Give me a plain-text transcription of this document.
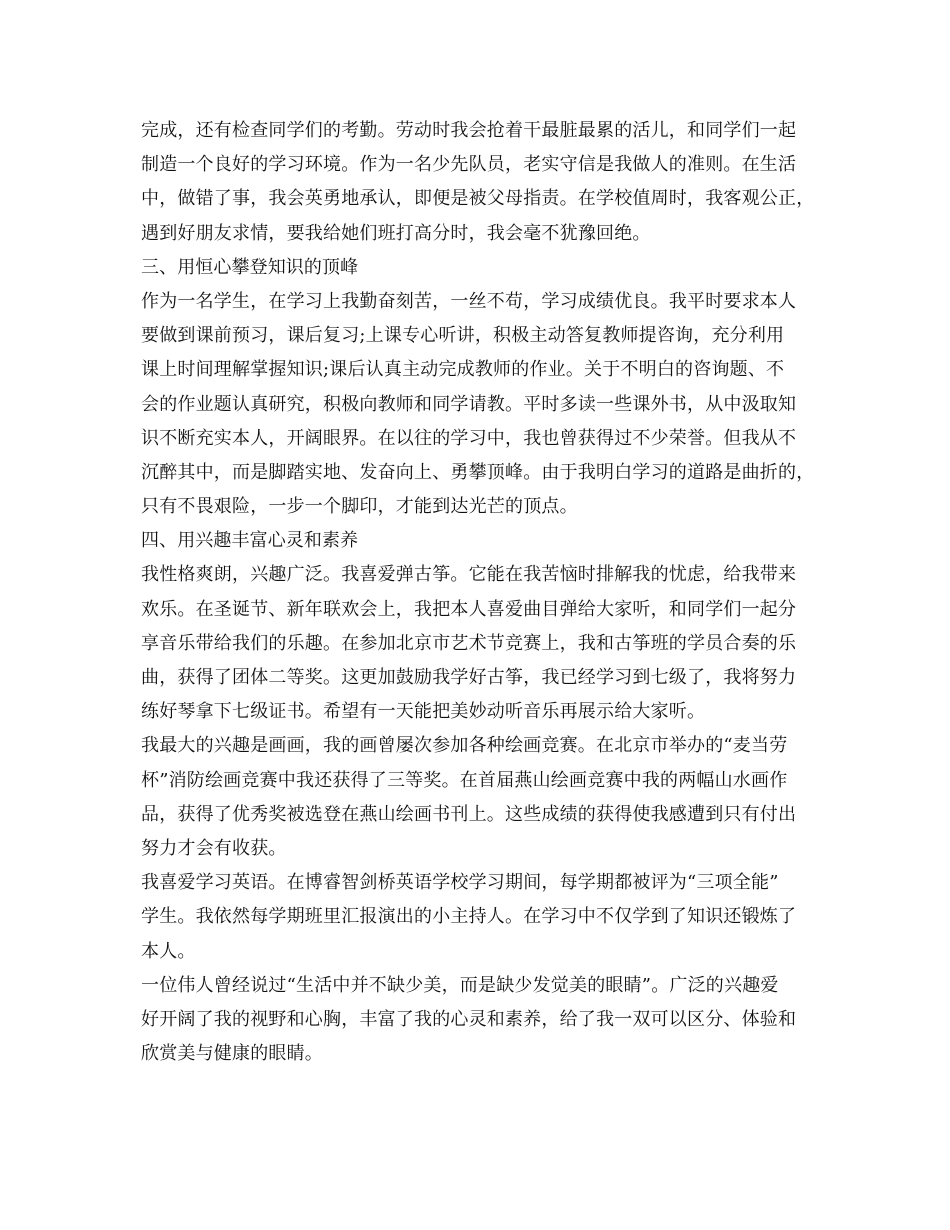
完成，还有检查同学们的考勤。劳动时我会抢着干最脏最累的活儿，和同学们一起
制造一个良好的学习环境。作为一名少先队员，老实守信是我做人的准则。在生活
中，做错了事，我会英勇地承认，即便是被父母指责。在学校值周时，我客观公正，
遇到好朋友求情，要我给她们班打高分时，我会毫不犹豫回绝。
三、用恒心攀登知识的顶峰
作为一名学生，在学习上我勤奋刻苦，一丝不苟，学习成绩优良。我平时要求本人
要做到课前预习，课后复习;上课专心听讲，积极主动答复教师提咨询，充分利用
课上时间理解掌握知识;课后认真主动完成教师的作业。关于不明白的咨询题、不
会的作业题认真研究，积极向教师和同学请教。平时多读一些课外书，从中汲取知
识不断充实本人，开阔眼界。在以往的学习中，我也曾获得过不少荣誉。但我从不
沉醉其中，而是脚踏实地、发奋向上、勇攀顶峰。由于我明白学习的道路是曲折的，
只有不畏艰险，一步一个脚印，才能到达光芒的顶点。
四、用兴趣丰富心灵和素养
我性格爽朗，兴趣广泛。我喜爱弹古筝。它能在我苦恼时排解我的忧虑，给我带来
欢乐。在圣诞节、新年联欢会上，我把本人喜爱曲目弹给大家听，和同学们一起分
享音乐带给我们的乐趣。在参加北京市艺术节竞赛上，我和古筝班的学员合奏的乐
曲，获得了团体二等奖。这更加鼓励我学好古筝，我已经学习到七级了，我将努力
练好琴拿下七级证书。希望有一天能把美妙动听音乐再展示给大家听。
我最大的兴趣是画画，我的画曾屡次参加各种绘画竞赛。在北京市举办的“麦当劳
杯”消防绘画竞赛中我还获得了三等奖。在首届燕山绘画竞赛中我的两幅山水画作
品，获得了优秀奖被选登在燕山绘画书刊上。这些成绩的获得使我感遭到只有付出
努力才会有收获。
我喜爱学习英语。在博睿智剑桥英语学校学习期间，每学期都被评为“三项全能”
学生。我依然每学期班里汇报演出的小主持人。在学习中不仅学到了知识还锻炼了
本人。
一位伟人曾经说过“生活中并不缺少美，而是缺少发觉美的眼睛”。广泛的兴趣爱
好开阔了我的视野和心胸，丰富了我的心灵和素养，给了我一双可以区分、体验和
欣赏美与健康的眼睛。
